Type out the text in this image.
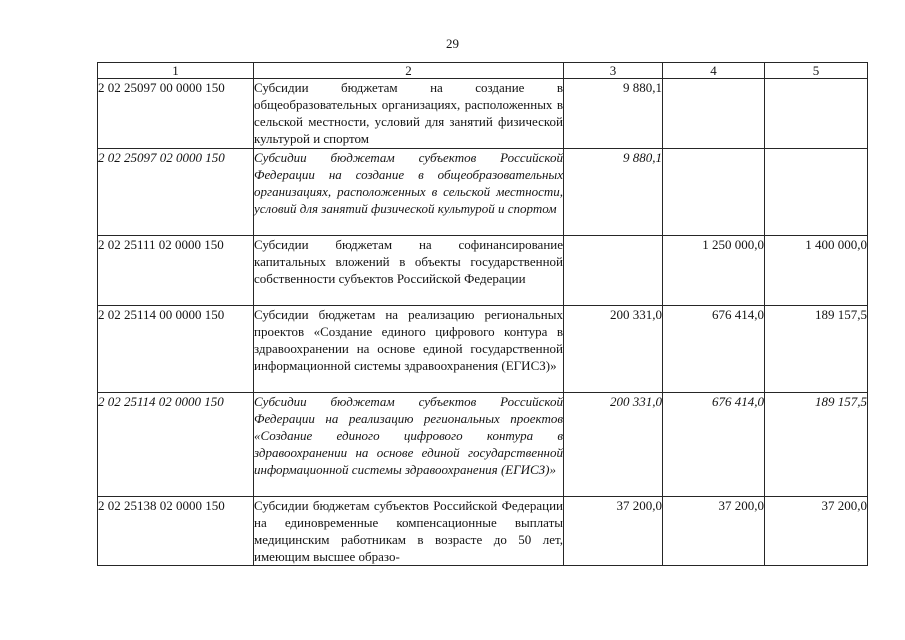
29
1	2	3	4	5
2 02 25097 00 0000 150	Субсидии бюджетам на создание в общеобразовательных организациях, расположенных в сельской местности, условий для занятий физической культурой и спортом	9 880,1		
2 02 25097 02 0000 150	Субсидии бюджетам субъектов Российской Федерации на создание в общеобразовательных организациях, расположенных в сельской местности, условий для занятий физической культурой и спортом	9 880,1		
2 02 25111 02 0000 150	Субсидии бюджетам на софинансирование капитальных вложений в объекты государственной собственности субъектов Российской Федерации		1 250 000,0	1 400 000,0
2 02 25114 00 0000 150	Субсидии бюджетам на реализацию региональных проектов «Создание единого цифрового контура в здравоохранении на основе единой государственной информационной системы здравоохранения (ЕГИСЗ)»	200 331,0	676 414,0	189 157,5
2 02 25114 02 0000 150	Субсидии бюджетам субъектов Российской Федерации на реализацию региональных проектов «Создание единого цифрового контура в здравоохранении на основе единой государственной информационной системы здравоохранения (ЕГИСЗ)»	200 331,0	676 414,0	189 157,5
2 02 25138 02 0000 150	Субсидии бюджетам субъектов Российской Федерации на единовременные компенсационные выплаты медицинским работникам в возрасте до 50 лет, имеющим высшее образо-	37 200,0	37 200,0	37 200,0
